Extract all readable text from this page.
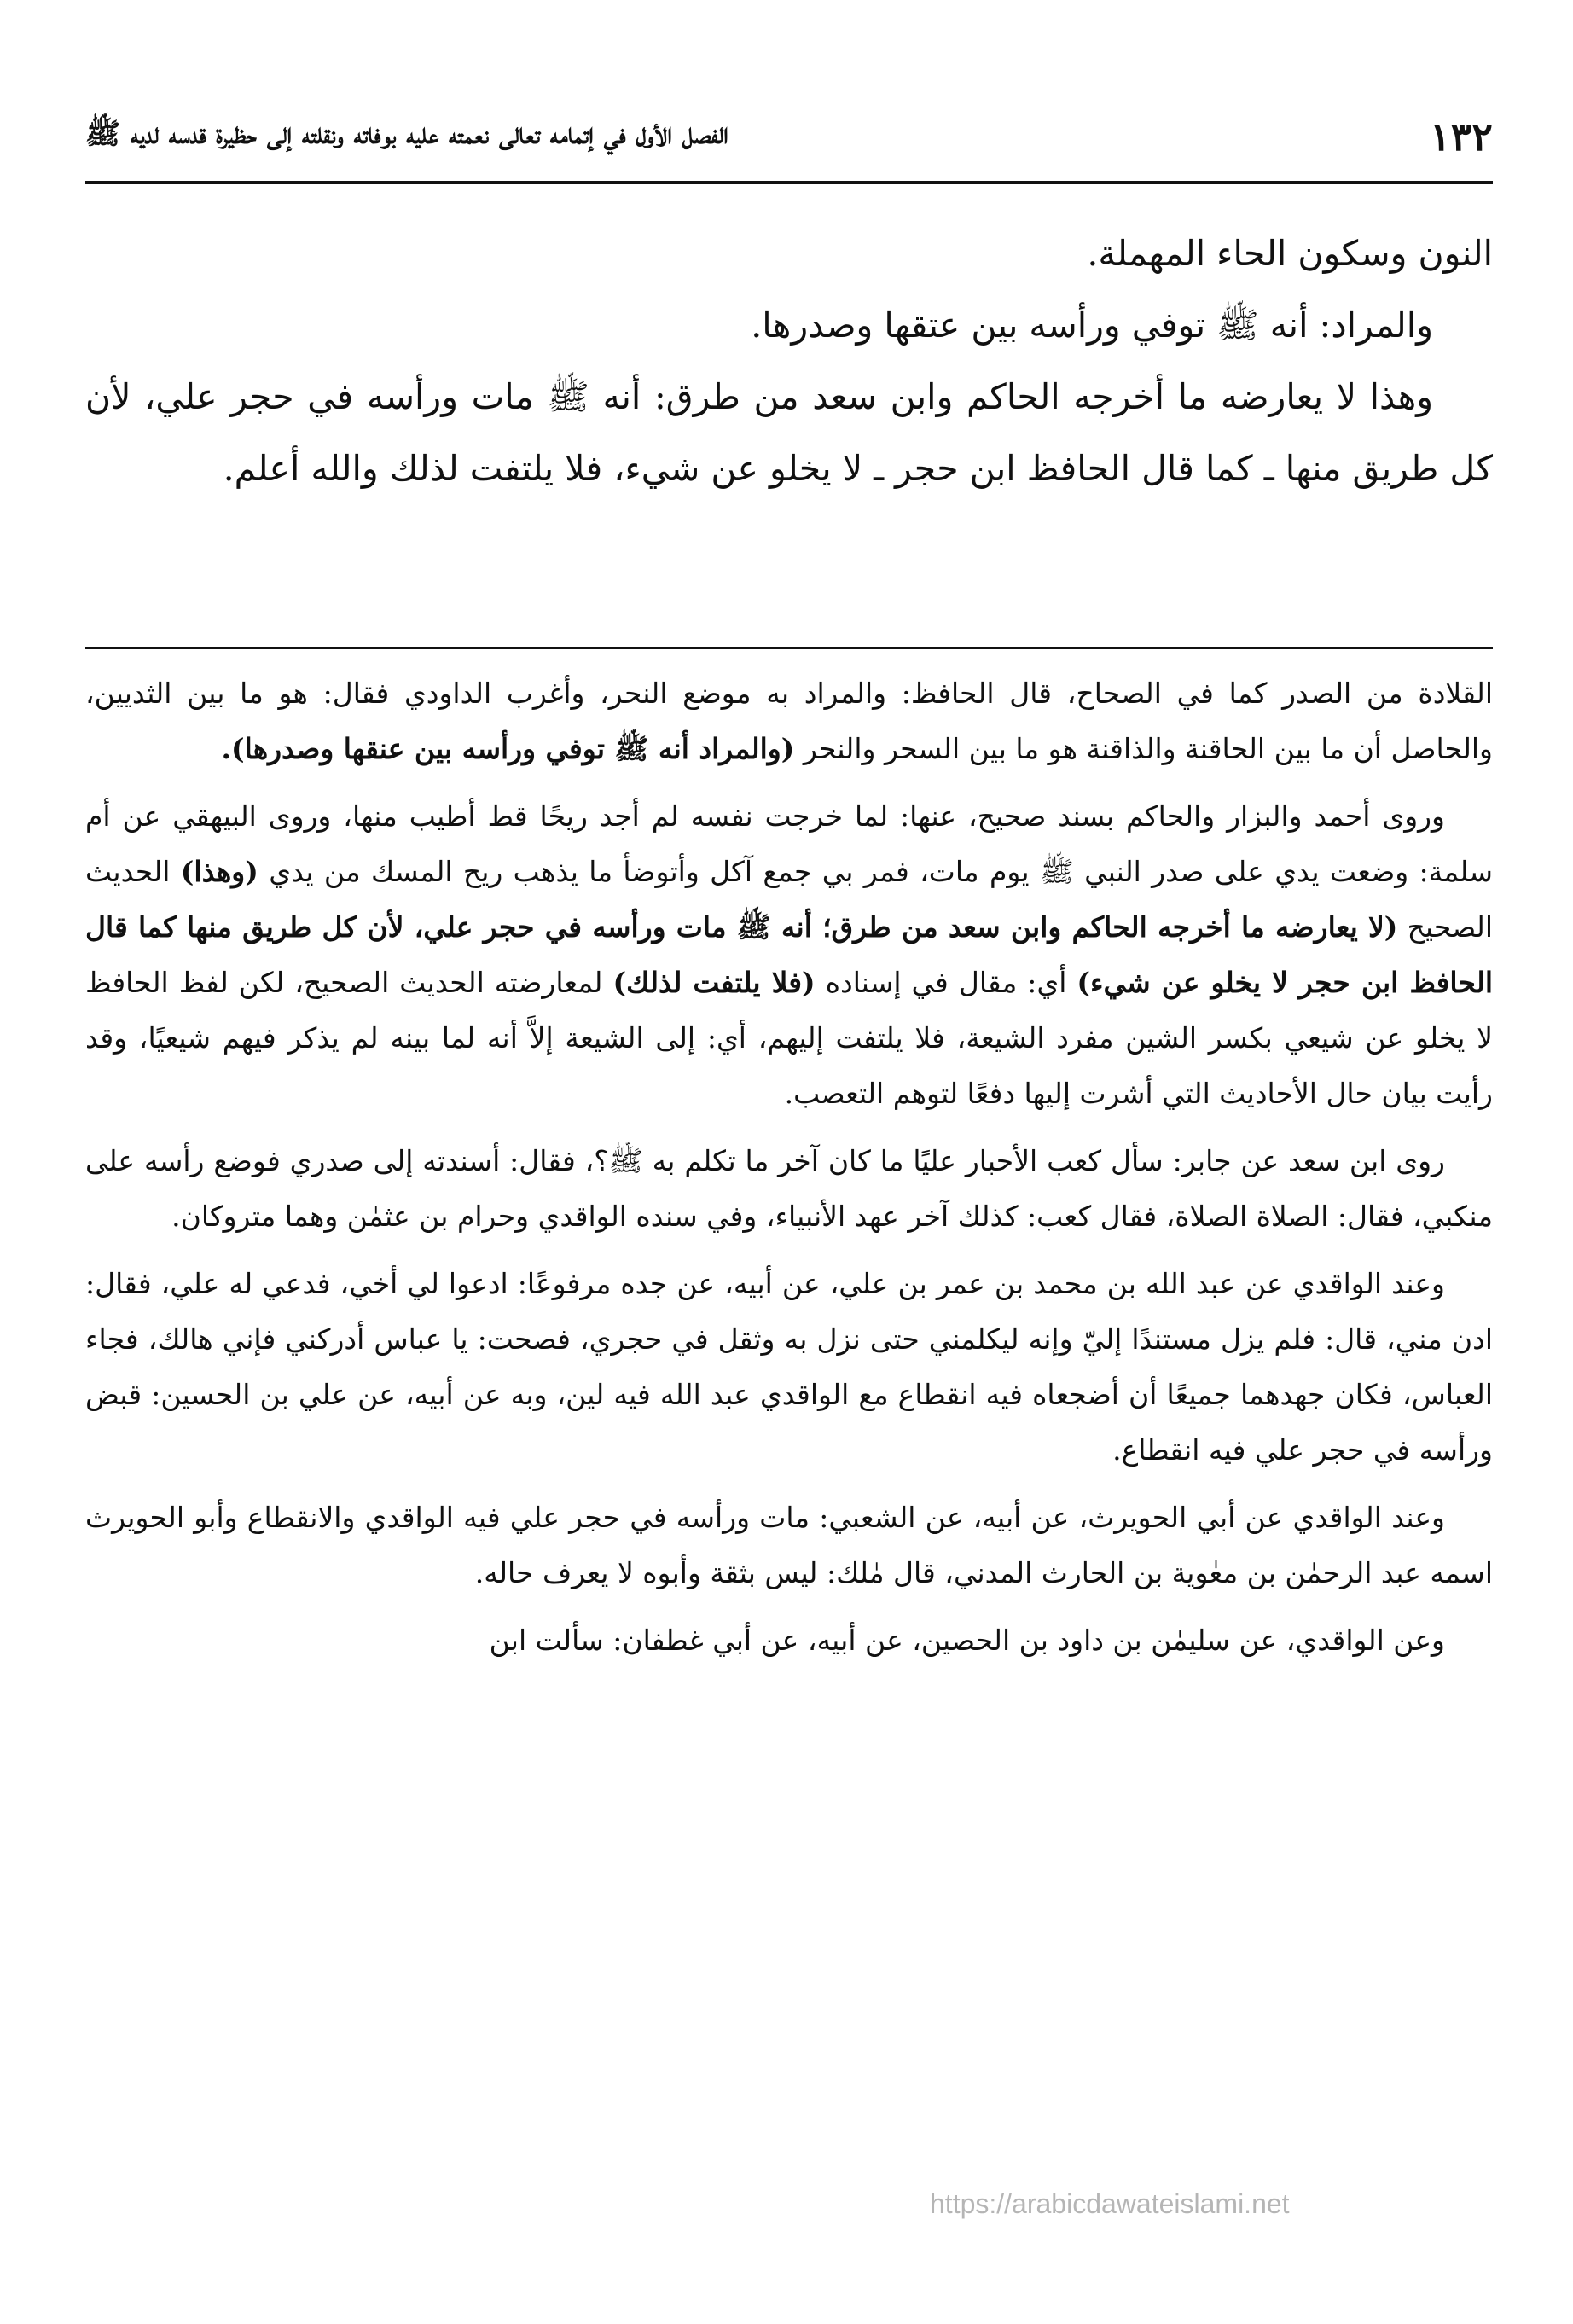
١٣٢
الفصل الأول في إتمامه تعالى نعمته عليه بوفاته ونقلته إلى حظيرة قدسه لديه ﷺ

النون وسكون الحاء المهملة.

والمراد: أنه ﷺ توفي ورأسه بين عتقها وصدرها.

وهذا لا يعارضه ما أخرجه الحاكم وابن سعد من طرق: أنه ﷺ مات ورأسه في حجر علي، لأن كل طريق منها ـ كما قال الحافظ ابن حجر ـ لا يخلو عن شيء، فلا يلتفت لذلك والله أعلم.

القلادة من الصدر كما في الصحاح، قال الحافظ: والمراد به موضع النحر، وأغرب الداودي فقال: هو ما بين الثديين، والحاصل أن ما بين الحاقنة والذاقنة هو ما بين السحر والنحر (والمراد أنه ﷺ توفي ورأسه بين عنقها وصدرها).

وروى أحمد والبزار والحاكم بسند صحيح، عنها: لما خرجت نفسه لم أجد ريحًا قط أطيب منها، وروى البيهقي عن أم سلمة: وضعت يدي على صدر النبي ﷺ يوم مات، فمر بي جمع آكل وأتوضأ ما يذهب ريح المسك من يدي (وهذا) الحديث الصحيح (لا يعارضه ما أخرجه الحاكم وابن سعد من طرق؛ أنه ﷺ مات ورأسه في حجر علي، لأن كل طريق منها كما قال الحافظ ابن حجر لا يخلو عن شيء) أي: مقال في إسناده (فلا يلتفت لذلك) لمعارضته الحديث الصحيح، لكن لفظ الحافظ لا يخلو عن شيعي بكسر الشين مفرد الشيعة، فلا يلتفت إليهم، أي: إلى الشيعة إلاَّ أنه لما بينه لم يذكر فيهم شيعيًا، وقد رأيت بيان حال الأحاديث التي أشرت إليها دفعًا لتوهم التعصب.

روى ابن سعد عن جابر: سأل كعب الأحبار عليًا ما كان آخر ما تكلم به ﷺ؟، فقال: أسندته إلى صدري فوضع رأسه على منكبي، فقال: الصلاة الصلاة، فقال كعب: كذلك آخر عهد الأنبياء، وفي سنده الواقدي وحرام بن عثمٰن وهما متروكان.

وعند الواقدي عن عبد الله بن محمد بن عمر بن علي، عن أبيه، عن جده مرفوعًا: ادعوا لي أخي، فدعي له علي، فقال: ادن مني، قال: فلم يزل مستندًا إليّ وإنه ليكلمني حتى نزل به وثقل في حجري، فصحت: يا عباس أدركني فإني هالك، فجاء العباس، فكان جهدهما جميعًا أن أضجعاه فيه انقطاع مع الواقدي عبد الله فيه لين، وبه عن أبيه، عن علي بن الحسين: قبض ورأسه في حجر علي فيه انقطاع.

وعند الواقدي عن أبي الحويرث، عن أبيه، عن الشعبي: مات ورأسه في حجر علي فيه الواقدي والانقطاع وأبو الحويرث اسمه عبد الرحمٰن بن معٰوية بن الحارث المدني، قال مٰلك: ليس بثقة وأبوه لا يعرف حاله.

وعن الواقدي، عن سليمٰن بن داود بن الحصين، عن أبيه، عن أبي غطفان: سألت ابن

https://arabicdawateislami.net
